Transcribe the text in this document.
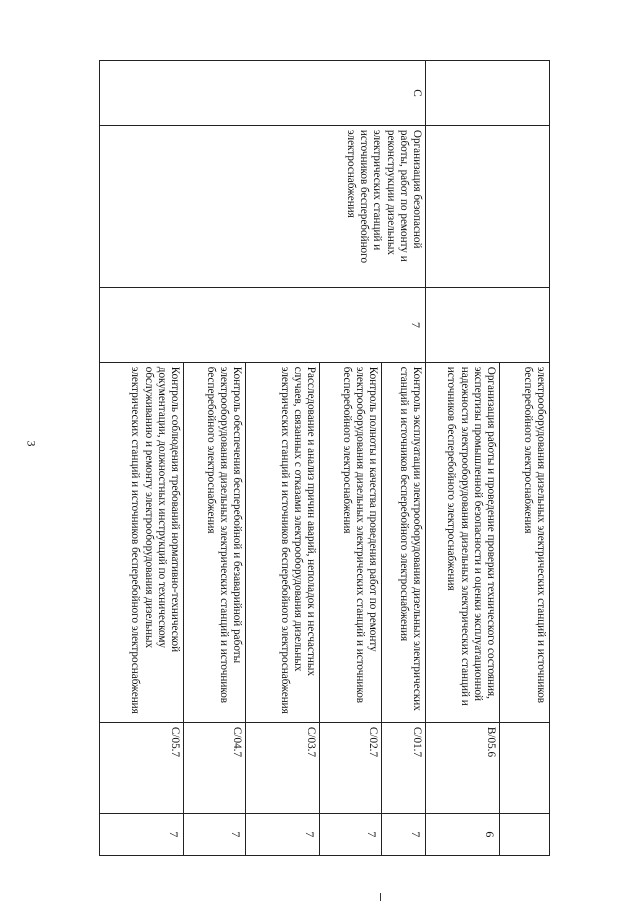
3
				электрооборудования дизельных электрических станций и источников бесперебойного электроснабжения		
			Организация работы и проведение проверки технического состояния, экспертизы промышленной безопасности и оценки эксплуатационной надежности электрооборудования дизельных электрических станций и источников бесперебойного электроснабжения	B/05.6	6
C	Организация безопасной работы, работ по ремонту и реконструкции дизельных электрических станций и источников бесперебойного электроснабжения	7	Контроль эксплуатации электрооборудования дизельных электрических станций и источников бесперебойного электроснабжения	C/01.7	7
			Контроль полноты и качества проведения работ по ремонту электрооборудования дизельных электрических станций и источников бесперебойного электроснабжения	C/02.7	7
			Расследование и анализ причин аварий, неполадок и несчастных случаев, связанных с отказами электрооборудования дизельных электрических станций и источников бесперебойного электроснабжения	C/03.7	7
			Контроль обеспечения бесперебойной и безаварийной работы электрооборудования дизельных электрических станций и источников бесперебойного электроснабжения	C/04.7	7
			Контроль соблюдения требований нормативно-технической документации, должностных инструкций по техническому обслуживанию и ремонту электрооборудования дизельных электрических станций и источников бесперебойного электроснабжения	C/05.7	7
